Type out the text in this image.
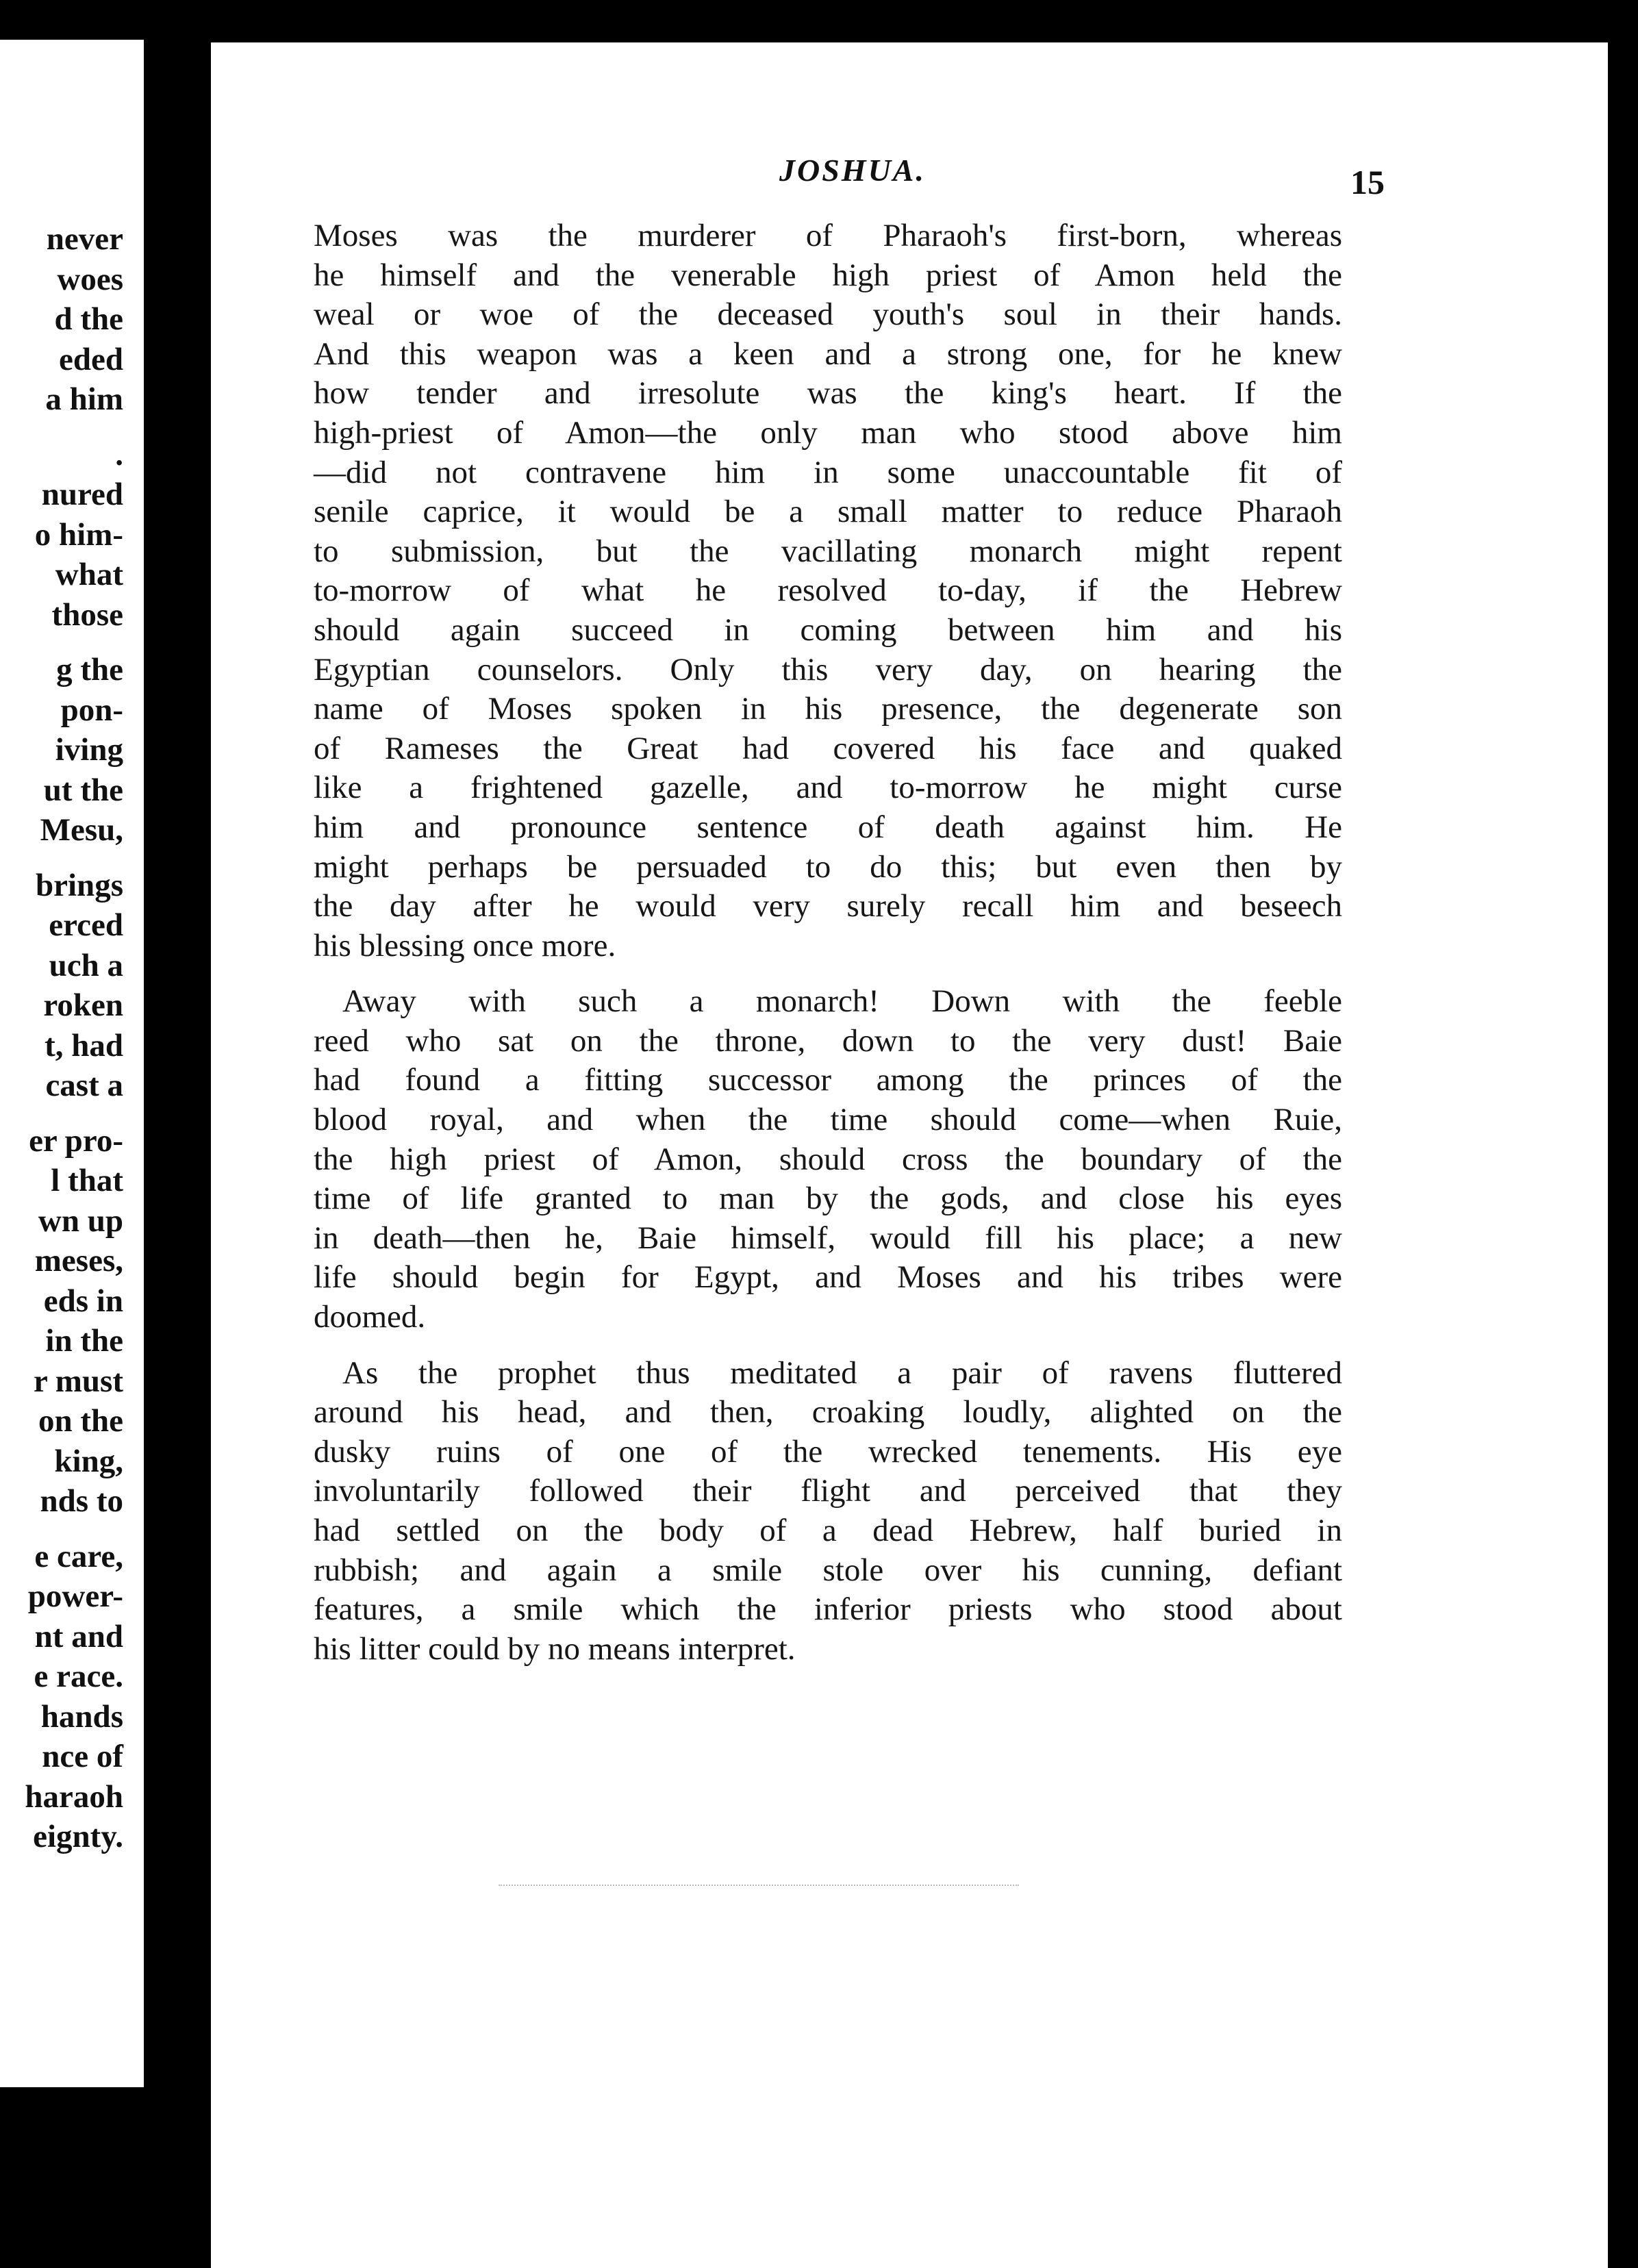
never
woes
d the
eded
a him
.
nured
o him-
what
those
g the
pon-
iving
ut the
Mesu,
brings
erced
uch a
roken
t, had
cast a
er pro-
l that
wn up
meses,
eds in
in the
r must
on the
king,
nds to
e care,
power-
nt and
e race.
hands
nce of
haraoh
eignty.
JOSHUA.	15
Moses was the murderer of Pharaoh's first-born, whereas
he himself and the venerable high priest of Amon held the
weal or woe of the deceased youth's soul in their hands.
And this weapon was a keen and a strong one, for he knew
how tender and irresolute was the king's heart. If the
high-priest of Amon—the only man who stood above him
—did not contravene him in some unaccountable fit of
senile caprice, it would be a small matter to reduce Pharaoh
to submission, but the vacillating monarch might repent
to-morrow of what he resolved to-day, if the Hebrew
should again succeed in coming between him and his
Egyptian counselors. Only this very day, on hearing the
name of Moses spoken in his presence, the degenerate son
of Rameses the Great had covered his face and quaked
like a frightened gazelle, and to-morrow he might curse
him and pronounce sentence of death against him. He
might perhaps be persuaded to do this; but even then by
the day after he would very surely recall him and beseech
his blessing once more.
Away with such a monarch! Down with the feeble
reed who sat on the throne, down to the very dust! Baie
had found a fitting successor among the princes of the
blood royal, and when the time should come—when Ruie,
the high priest of Amon, should cross the boundary of the
time of life granted to man by the gods, and close his eyes
in death—then he, Baie himself, would fill his place; a new
life should begin for Egypt, and Moses and his tribes were
doomed.
As the prophet thus meditated a pair of ravens fluttered
around his head, and then, croaking loudly, alighted on the
dusky ruins of one of the wrecked tenements. His eye
involuntarily followed their flight and perceived that they
had settled on the body of a dead Hebrew, half buried in
rubbish; and again a smile stole over his cunning, defiant
features, a smile which the inferior priests who stood about
his litter could by no means interpret.
